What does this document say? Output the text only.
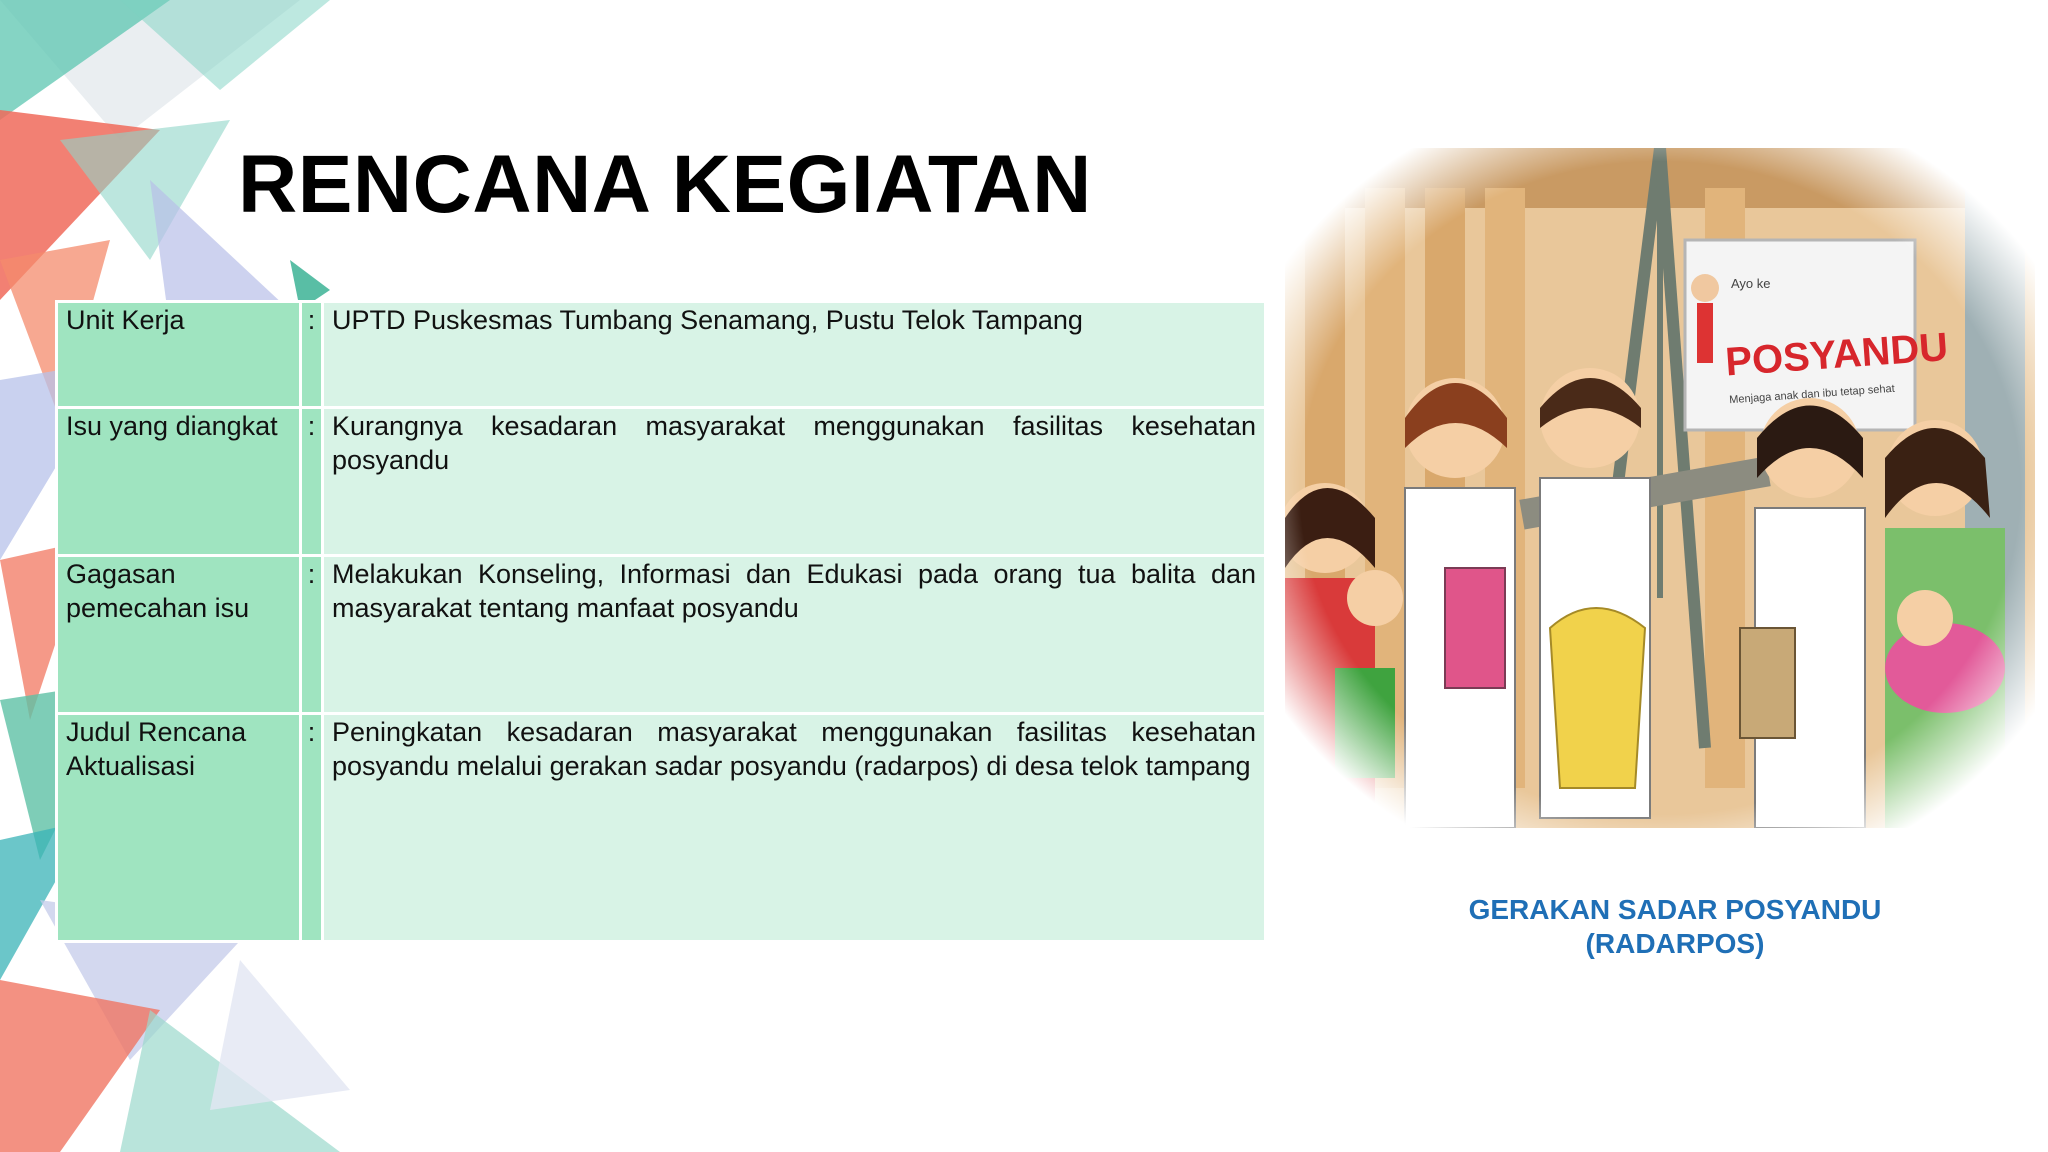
RENCANA KEGIATAN
Unit Kerja	:	UPTD Puskesmas Tumbang Senamang, Pustu Telok Tampang

Isu yang diangkat	:	Kurangnya kesadaran masyarakat menggunakan fasilitas kesehatan posyandu

Gagasan pemecahan isu	:	Melakukan Konseling, Informasi dan Edukasi pada orang tua balita dan masyarakat tentang manfaat posyandu

Judul Rencana Aktualisasi	:	Peningkatan kesadaran masyarakat menggunakan fasilitas kesehatan posyandu melalui gerakan sadar posyandu (radarpos) di desa telok tampang

GERAKAN SADAR POSYANDU
(RADARPOS)
